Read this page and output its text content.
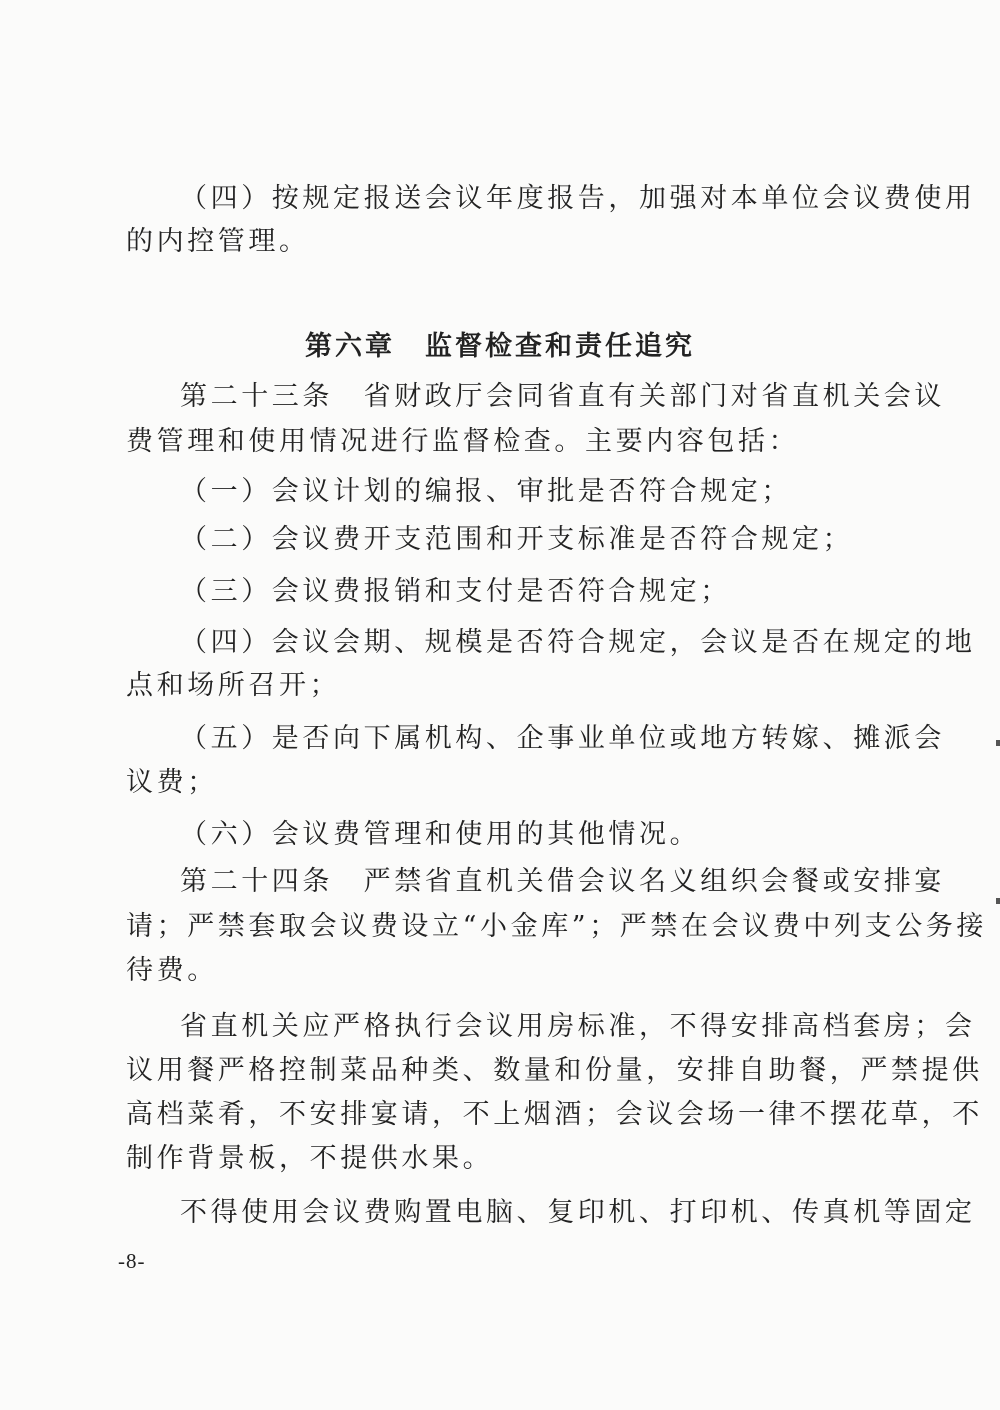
（四）按规定报送会议年度报告，加强对本单位会议费使用
的内控管理。
第六章　监督检查和责任追究
第二十三条　省财政厅会同省直有关部门对省直机关会议
费管理和使用情况进行监督检查。主要内容包括：
（一）会议计划的编报、审批是否符合规定；
（二）会议费开支范围和开支标准是否符合规定；
（三）会议费报销和支付是否符合规定；
（四）会议会期、规模是否符合规定，会议是否在规定的地
点和场所召开；
（五）是否向下属机构、企事业单位或地方转嫁、摊派会
议费；
（六）会议费管理和使用的其他情况。
第二十四条　严禁省直机关借会议名义组织会餐或安排宴
请；严禁套取会议费设立“小金库”；严禁在会议费中列支公务接
待费。
省直机关应严格执行会议用房标准，不得安排高档套房；会
议用餐严格控制菜品种类、数量和份量，安排自助餐，严禁提供
高档菜肴，不安排宴请，不上烟酒；会议会场一律不摆花草，不
制作背景板，不提供水果。
不得使用会议费购置电脑、复印机、打印机、传真机等固定
-8-
